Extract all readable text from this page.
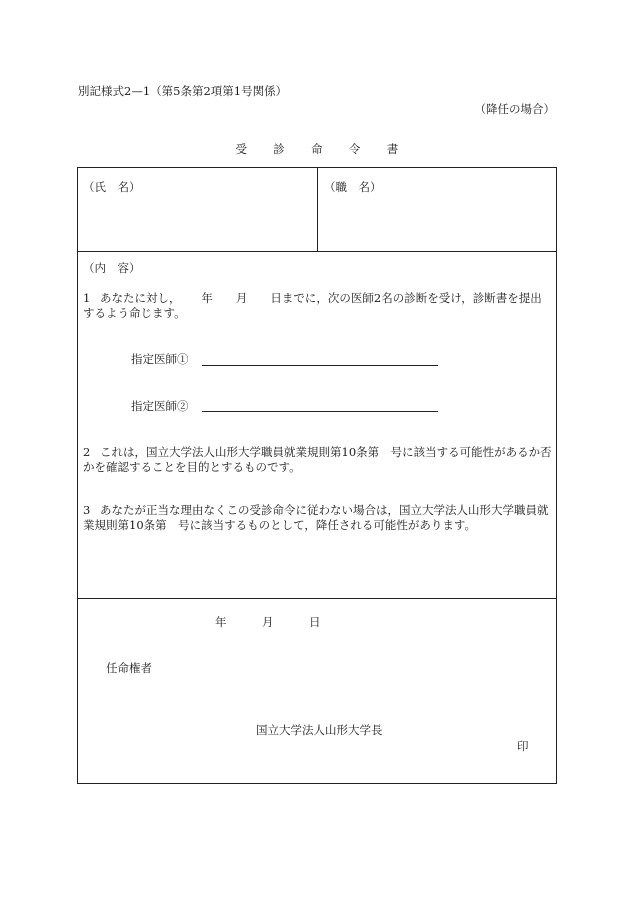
別記様式2—1（第5条第2項第1号関係）
（降任の場合）
受 診 命 令 書
（氏　名）	（職　名）
（内　容）
1 あなたに対し，　　 年　　月　　日までに，次の医師2名の診断を受け，診断書を提出するよう命じます。
指定医師①
指定医師②
2 これは，国立大学法人山形大学職員就業規則第10条第　号に該当する可能性があるか否かを確認することを目的とするものです。
3 あなたが正当な理由なくこの受診命令に従わない場合は，国立大学法人山形大学職員就業規則第10条第　号に該当するものとして，降任される可能性があります。
年	月	日
任命権者
国立大学法人山形大学長
印
